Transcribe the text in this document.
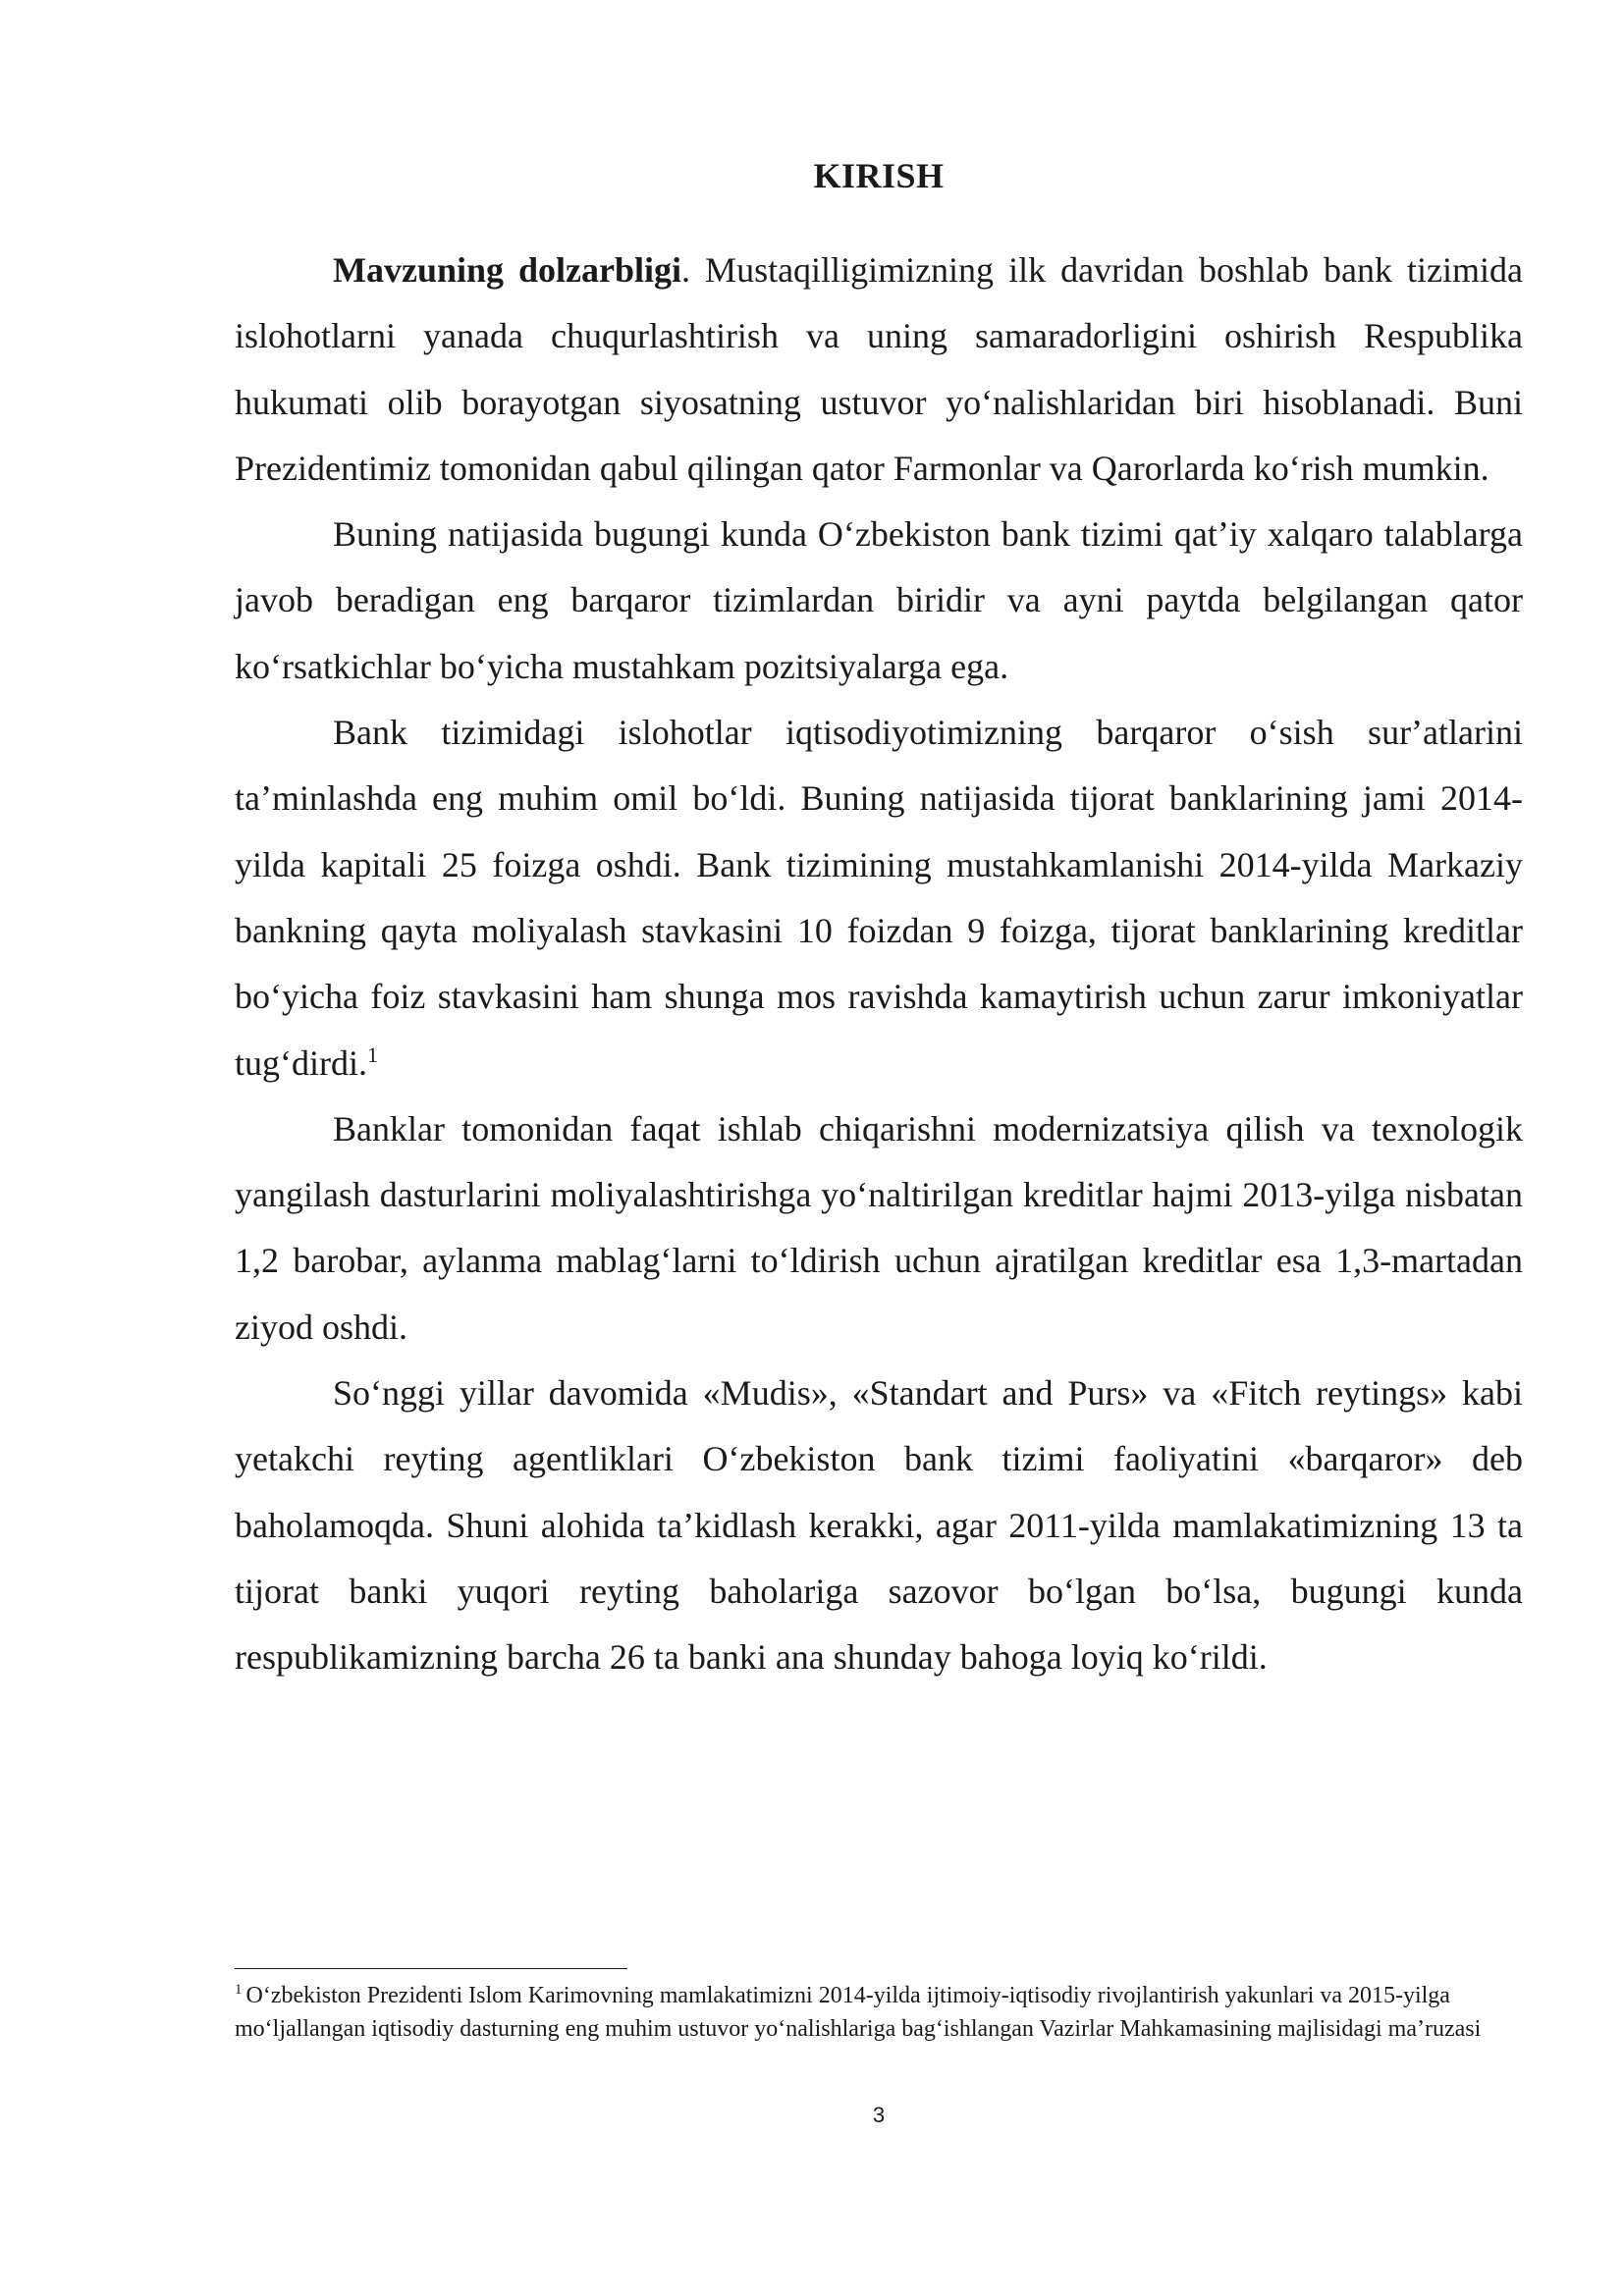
KIRISH

Mavzuning dolzarbligi. Mustaqilligimizning ilk davridan boshlab bank tizimida islohotlarni yanada chuqurlashtirish va uning samaradorligini oshirish Respublika hukumati olib borayotgan siyosatning ustuvor yoʻnalishlaridan biri hisoblanadi. Buni Prezidentimiz tomonidan qabul qilingan qator Farmonlar va Qarorlarda koʻrish mumkin.

Buning natijasida bugungi kunda Oʻzbekiston bank tizimi qatʼiy xalqaro talablarga javob beradigan eng barqaror tizimlardan biridir va ayni paytda belgilangan qator koʻrsatkichlar boʻyicha mustahkam pozitsiyalarga ega.

Bank tizimidagi islohotlar iqtisodiyotimizning barqaror oʻsish surʼatlarini taʼminlashda eng muhim omil boʻldi. Buning natijasida tijorat banklarining jami 2014-yilda kapitali 25 foizga oshdi. Bank tizimining mustahkamlanishi 2014-yilda Markaziy bankning qayta moliyalash stavkasini 10 foizdan 9 foizga, tijorat banklarining kreditlar boʻyicha foiz stavkasini ham shunga mos ravishda kamaytirish uchun zarur imkoniyatlar tugʻdirdi.$^1$

Banklar tomonidan faqat ishlab chiqarishni modernizatsiya qilish va texnologik yangilash dasturlarini moliyalashtirishga yoʻnaltirilgan kreditlar hajmi 2013-yilga nisbatan 1,2 barobar, aylanma mablagʻlarni toʻldirish uchun ajratilgan kreditlar esa 1,3-martadan ziyod oshdi.

Soʻnggi yillar davomida «Mudis», «Standart and Purs» va «Fitch reytings» kabi yetakchi reyting agentliklari Oʻzbekiston bank tizimi faoliyatini «barqaror» deb baholamoqda. Shuni alohida taʼkidlash kerakki, agar 2011-yilda mamlakatimizning 13 ta tijorat banki yuqori reyting baholariga sazovor boʻlgan boʻlsa, bugungi kunda respublikamizning barcha 26 ta banki ana shunday bahoga loyiq koʻrildi.

$^1$ Oʻzbekiston Prezidenti Islom Karimovning mamlakatimizni 2014-yilda ijtimoiy-iqtisodiy rivojlantirish yakunlari va 2015-yilga moʻljallangan iqtisodiy dasturning eng muhim ustuvor yoʻnalishlariga bagʻishlangan Vazirlar Mahkamasining majlisidagi maʼruzasi
3
